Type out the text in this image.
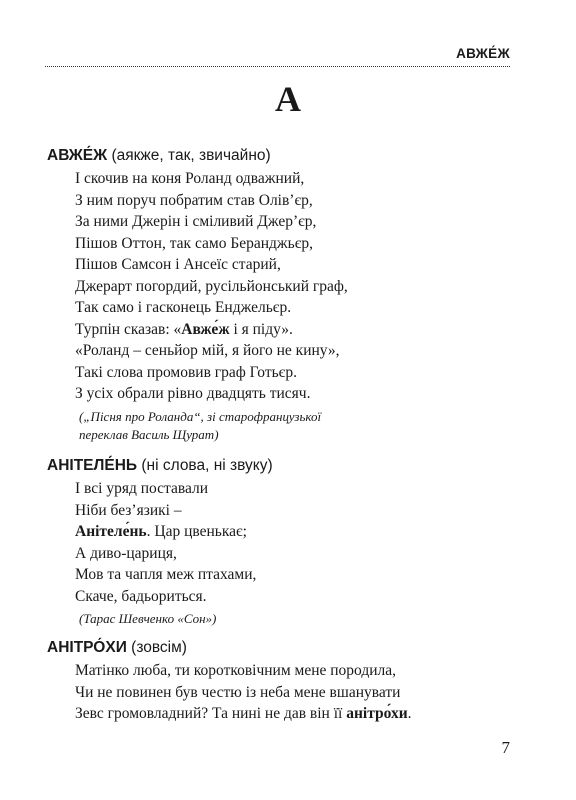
АВЖЕ́Ж
А
АВЖЕ́Ж (аякже, так, звичайно)
І скочив на коня Роланд одважний,
З ним поруч побратим став Олів’єр,
За ними Джерін і сміливий Джер’єр,
Пішов Оттон, так само Беранджьєр,
Пішов Самсон і Ансеїс старий,
Джерарт погордий, русільйонський граф,
Так само і гасконець Енджельєр.
Турпін сказав: «Авже́ж і я піду».
«Роланд – сеньйор мій, я його не кину»,
Такі слова промовив граф Готьєр.
З усіх обрали рівно двадцять тисяч.
(„Пісня про Роланда“, зі старофранцузької
переклав Василь Щурат)
АНІТЕЛЕ́НЬ (ні слова, ні звуку)
І всі уряд поставали
Ніби без’язикі –
Анітеле́нь. Цар цвенькає;
А диво-цариця,
Мов та чапля меж птахами,
Скаче, бадьориться.
(Тарас Шевченко «Сон»)
АНІТРО́ХИ (зовсім)
Матінко люба, ти коротковічним мене породила,
Чи не повинен був честю із неба мене вшанувати
Зевс громовладний? Та нині не дав він її анітро́хи.
7
